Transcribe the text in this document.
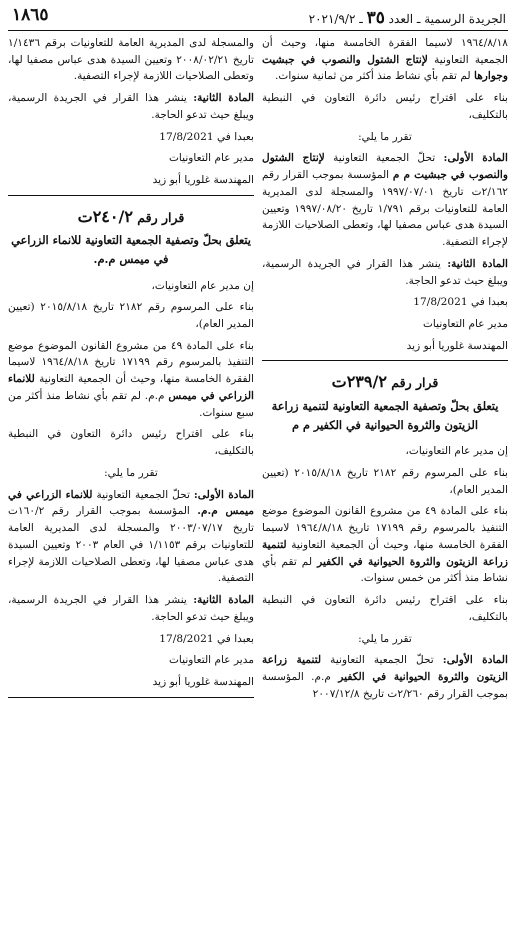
الجريدة الرسمية ـ العدد ٣٥ ـ ٢٠٢١/٩/٢
١٨٦٥

١٩٦٤/٨/١٨ لاسيما الفقرة الخامسة منها، وحيث أن الجمعية التعاونية لإنتاج الشتول والنصوب في جبشيت وجوارها لم تقم بأي نشاط منذ أكثر من ثمانية سنوات.

بناء على اقتراح رئيس دائرة التعاون في النبطية بالتكليف،

تقرر ما يلي:

المادة الأولى: تحلّ الجمعية التعاونية لإنتاج الشتول والنصوب في جبشيت م م المؤسسة بموجب القرار رقم ٢/١٦٢ت تاريخ ١٩٩٧/٠٧/٠١ والمسجلة لدى المديرية العامة للتعاونيات برقم ١/٧٩١ تاريخ ١٩٩٧/٠٨/٢٠ وتعيين السيدة هدى عباس مصفيا لها، وتعطى الصلاحيات اللازمة لإجراء التصفية.

المادة الثانية: ينشر هذا القرار في الجريدة الرسمية، ويبلغ حيث تدعو الحاجة.

بعبدا في 17/8/2021

مدير عام التعاونيات

المهندسة غلوريا أبو زيد

قرار رقم ٢٣٩/٢ت
يتعلق بحلّ وتصفية الجمعية التعاونية لتنمية زراعة الزيتون والثروة الحيوانية في الكفير م م

إن مدير عام التعاونيات،

بناء على المرسوم رقم ٢١٨٢ تاريخ ٢٠١٥/٨/١٨ (تعيين المدير العام)،

بناء على المادة ٤٩ من مشروع القانون الموضوع موضع التنفيذ بالمرسوم رقم ١٧١٩٩ تاريخ ١٩٦٤/٨/١٨ لاسيما الفقرة الخامسة منها، وحيث أن الجمعية التعاونية لتنمية زراعة الزيتون والثروة الحيوانية في الكفير لم تقم بأي نشاط منذ أكثر من خمس سنوات.

بناء على اقتراح رئيس دائرة التعاون في النبطية بالتكليف،

تقرر ما يلي:

المادة الأولى: تحلّ الجمعية التعاونية لتنمية زراعة الزيتون والثروة الحيوانية في الكفير م.م. المؤسسة بموجب القرار رقم ٢/٢٦٠ت تاريخ ٢٠٠٧/١٢/٨

والمسجلة لدى المديرية العامة للتعاونيات برقم ١/١٤٣٦ تاريخ ٢٠٠٨/٠٢/٢١ وتعيين السيدة هدى عباس مصفيا لها، وتعطى الصلاحيات اللازمة لإجراء التصفية.

المادة الثانية: ينشر هذا القرار في الجريدة الرسمية، ويبلغ حيث تدعو الحاجة.

بعبدا في 17/8/2021

مدير عام التعاونيات

المهندسة غلوريا أبو زيد

قرار رقم ٢٤٠/٢ت
يتعلق بحلّ وتصفية الجمعية التعاونية للانماء الزراعي في ميمس م.م.

إن مدير عام التعاونيات،

بناء على المرسوم رقم ٢١٨٢ تاريخ ٢٠١٥/٨/١٨ (تعيين المدير العام)،

بناء على المادة ٤٩ من مشروع القانون الموضوع موضع التنفيذ بالمرسوم رقم ١٧١٩٩ تاريخ ١٩٦٤/٨/١٨ لاسيما الفقرة الخامسة منها، وحيث أن الجمعية التعاونية للانماء الزراعي في ميمس م.م. لم تقم بأي نشاط منذ أكثر من سبع سنوات.

بناء على اقتراح رئيس دائرة التعاون في النبطية بالتكليف،

تقرر ما يلي:

المادة الأولى: تحلّ الجمعية التعاونية للانماء الزراعي في ميمس م.م. المؤسسة بموجب القرار رقم ١٦٠/٢ت تاريخ ٢٠٠٣/٠٧/١٧ والمسجلة لدى المديرية العامة للتعاونيات برقم ١/١١٥٣ في العام ٢٠٠٣ وتعيين السيدة هدى عباس مصفيا لها، وتعطى الصلاحيات اللازمة لإجراء التصفية.

المادة الثانية: ينشر هذا القرار في الجريدة الرسمية، ويبلغ حيث تدعو الحاجة.

بعبدا في 17/8/2021

مدير عام التعاونيات

المهندسة غلوريا أبو زيد
